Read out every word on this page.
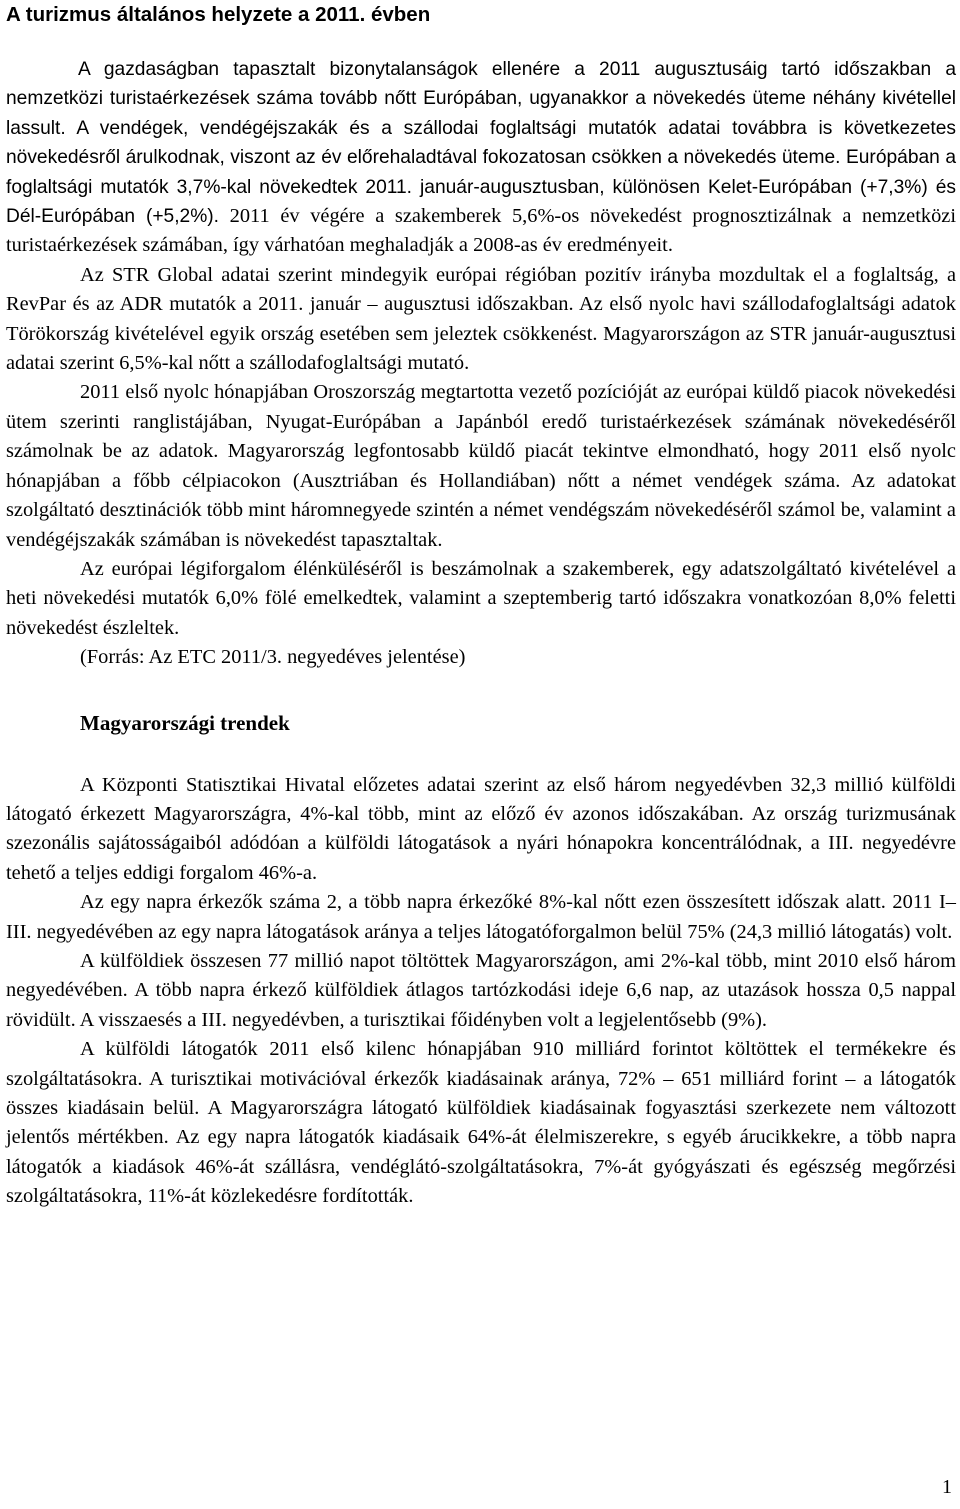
A turizmus általános helyzete a 2011. évben

A gazdaságban tapasztalt bizonytalanságok ellenére a 2011 augusztusáig tartó időszakban a nemzetközi turistaérkezések száma tovább nőtt Európában, ugyanakkor a növekedés üteme néhány kivétellel lassult. A vendégek, vendégéjszakák és a szállodai foglaltsági mutatók adatai továbbra is következetes növekedésről árulkodnak, viszont az év előrehaladtával fokozatosan csökken a növekedés üteme. Európában a foglaltsági mutatók 3,7%-kal növekedtek 2011. január-augusztusban, különösen Kelet-Európában (+7,3%) és Dél-Európában (+5,2%). 2011 év végére a szakemberek 5,6%-os növekedést prognosztizálnak a nemzetközi turistaérkezések számában, így várhatóan meghaladják a 2008-as év eredményeit.

Az STR Global adatai szerint mindegyik európai régióban pozitív irányba mozdultak el a foglaltság, a RevPar és az ADR mutatók a 2011. január – augusztusi időszakban. Az első nyolc havi szállodafoglaltsági adatok Törökország kivételével egyik ország esetében sem jeleztek csökkenést. Magyarországon az STR január-augusztusi adatai szerint 6,5%-kal nőtt a szállodafoglaltsági mutató.

2011 első nyolc hónapjában Oroszország megtartotta vezető pozícióját az európai küldő piacok növekedési ütem szerinti ranglistájában, Nyugat-Európában a Japánból eredő turistaérkezések számának növekedéséről számolnak be az adatok. Magyarország legfontosabb küldő piacát tekintve elmondható, hogy 2011 első nyolc hónapjában a főbb célpiacokon (Ausztriában és Hollandiában) nőtt a német vendégek száma. Az adatokat szolgáltató desztinációk több mint háromnegyede szintén a német vendégszám növekedéséről számol be, valamint a vendégéjszakák számában is növekedést tapasztaltak.

Az európai légiforgalom élénküléséről is beszámolnak a szakemberek, egy adatszolgáltató kivételével a heti növekedési mutatók 6,0% fölé emelkedtek, valamint a szeptemberig tartó időszakra vonatkozóan 8,0% feletti növekedést észleltek.

(Forrás: Az ETC 2011/3. negyedéves jelentése)

Magyarországi trendek

A Központi Statisztikai Hivatal előzetes adatai szerint az első három negyedévben 32,3 millió külföldi látogató érkezett Magyarországra, 4%-kal több, mint az előző év azonos időszakában. Az ország turizmusának szezonális sajátosságaiból adódóan a külföldi látogatások a nyári hónapokra koncentrálódnak, a III. negyedévre tehető a teljes eddigi forgalom 46%-a.

Az egy napra érkezők száma 2, a több napra érkezőké 8%-kal nőtt ezen összesített időszak alatt. 2011 I–III. negyedévében az egy napra látogatások aránya a teljes látogatóforgalmon belül 75% (24,3 millió látogatás) volt.

A külföldiek összesen 77 millió napot töltöttek Magyarországon, ami 2%-kal több, mint 2010 első három negyedévében. A több napra érkező külföldiek átlagos tartózkodási ideje 6,6 nap, az utazások hossza 0,5 nappal rövidült. A visszaesés a III. negyedévben, a turisztikai főidényben volt a legjelentősebb (9%).

A külföldi látogatók 2011 első kilenc hónapjában 910 milliárd forintot költöttek el termékekre és szolgáltatásokra. A turisztikai motivációval érkezők kiadásainak aránya, 72% – 651 milliárd forint – a látogatók összes kiadásain belül. A Magyarországra látogató külföldiek kiadásainak fogyasztási szerkezete nem változott jelentős mértékben. Az egy napra látogatók kiadásaik 64%-át élelmiszerekre, s egyéb árucikkekre, a több napra látogatók a kiadások 46%-át szállásra, vendéglátó-szolgáltatásokra, 7%-át gyógyászati és egészség megőrzési szolgáltatásokra, 11%-át közlekedésre fordították.

1
